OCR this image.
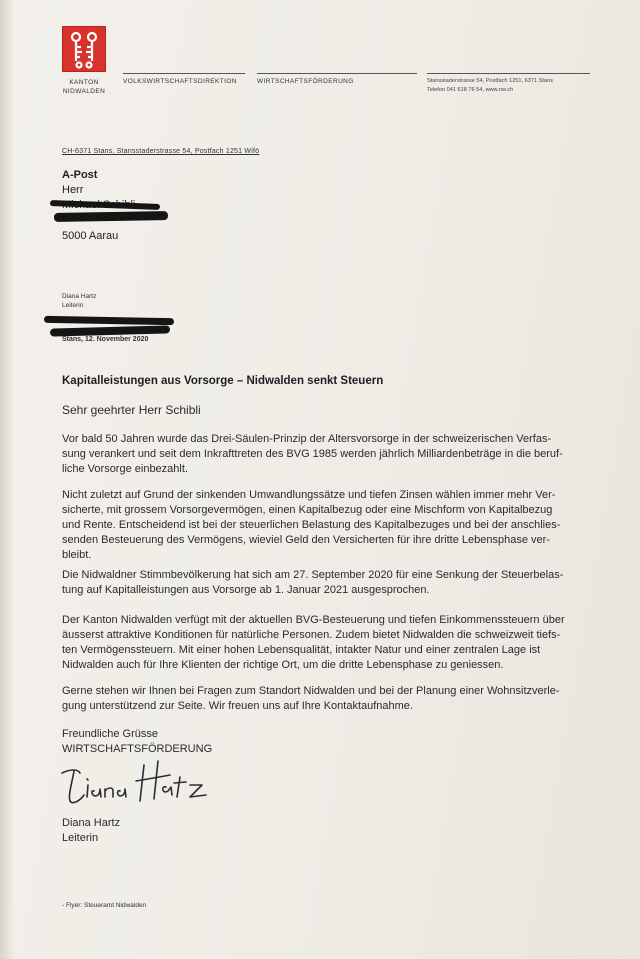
KANTON
NIDWALDEN
VOLKSWIRTSCHAFTSDIREKTION	WIRTSCHAFTSFÖRDERUNG	Stansstaderstrasse 54, Postfach 1251, 6371 Stans
Telefon 041 618 76 54, www.nw.ch
CH-6371 Stans, Stansstaderstrasse 54, Postfach 1251 Wifö
A-Post
Herr
5000 Aarau
Diana Hartz
Leiterin
Stans, 12. November 2020
Kapitalleistungen aus Vorsorge – Nidwalden senkt Steuern
Sehr geehrter Herr Schibli
Vor bald 50 Jahren wurde das Drei-Säulen-Prinzip der Altersvorsorge in der schweizerischen Verfas-
sung verankert und seit dem Inkrafttreten des BVG 1985 werden jährlich Milliardenbeträge in die beruf-
liche Vorsorge einbezahlt.
Nicht zuletzt auf Grund der sinkenden Umwandlungssätze und tiefen Zinsen wählen immer mehr Ver-
sicherte, mit grossem Vorsorgevermögen, einen Kapitalbezug oder eine Mischform von Kapitalbezug
und Rente. Entscheidend ist bei der steuerlichen Belastung des Kapitalbezuges und bei der anschlies-
senden Besteuerung des Vermögens, wieviel Geld den Versicherten für ihre dritte Lebensphase ver-
bleibt.
Die Nidwaldner Stimmbevölkerung hat sich am 27. September 2020 für eine Senkung der Steuerbelas-
tung auf Kapitalleistungen aus Vorsorge ab 1. Januar 2021 ausgesprochen.
Der Kanton Nidwalden verfügt mit der aktuellen BVG-Besteuerung und tiefen Einkommenssteuern über
äusserst attraktive Konditionen für natürliche Personen. Zudem bietet Nidwalden die schweizweit tiefs-
ten Vermögenssteuern. Mit einer hohen Lebensqualität, intakter Natur und einer zentralen Lage ist
Nidwalden auch für Ihre Klienten der richtige Ort, um die dritte Lebensphase zu geniessen.
Gerne stehen wir Ihnen bei Fragen zum Standort Nidwalden und bei der Planung einer Wohnsitzverle-
gung unterstützend zur Seite. Wir freuen uns auf Ihre Kontaktaufnahme.
Freundliche Grüsse
WIRTSCHAFTSFÖRDERUNG
Diana Hartz
Leiterin
- Flyer: Steueramt Nidwalden
